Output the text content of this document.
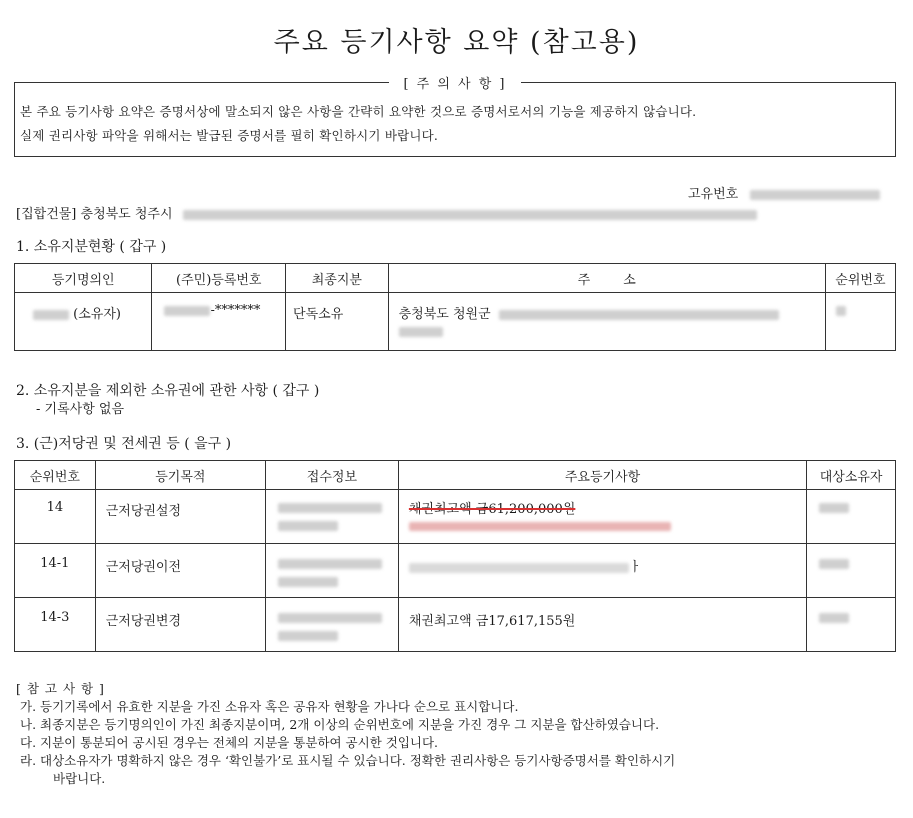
주요 등기사항 요약 (참고용)
[ 주 의 사 항 ]
본 주요 등기사항 요약은 증명서상에 말소되지 않은 사항을 간략히 요약한 것으로 증명서로서의 기능을 제공하지 않습니다.
실제 권리사항 파악을 위해서는 발급된 증명서를 필히 확인하시기 바랍니다.
고유번호
[집합건물] 충청북도 청주시
1. 소유지분현황 ( 갑구 )
등기명의인	(주민)등록번호	최종지분	주        소	순위번호
(소유자)	-*******	단독소유	충청북도 청원군

2. 소유지분을 제외한 소유권에 관한 사항 ( 갑구 )
- 기록사항 없음
3. (근)저당권 및 전세권 등 ( 을구 )
순위번호	등기목적	접수정보	주요등기사항	대상소유자
14	근저당권설정		채권최고액 금61,200,000원

14-1	근저당권이전		ㅏ	
14-3	근저당권변경		채권최고액 금17,617,155원	
[ 참 고 사 항 ]
가. 등기기록에서 유효한 지분을 가진 소유자 혹은 공유자 현황을 가나다 순으로 표시합니다.
나. 최종지분은 등기명의인이 가진 최종지분이며, 2개 이상의 순위번호에 지분을 가진 경우 그 지분을 합산하였습니다.
다. 지분이 통분되어 공시된 경우는 전체의 지분을 통분하여 공시한 것입니다.
라. 대상소유자가 명확하지 않은 경우 ‘확인불가’로 표시될 수 있습니다. 정확한 권리사항은 등기사항증명서를 확인하시기
바랍니다.
